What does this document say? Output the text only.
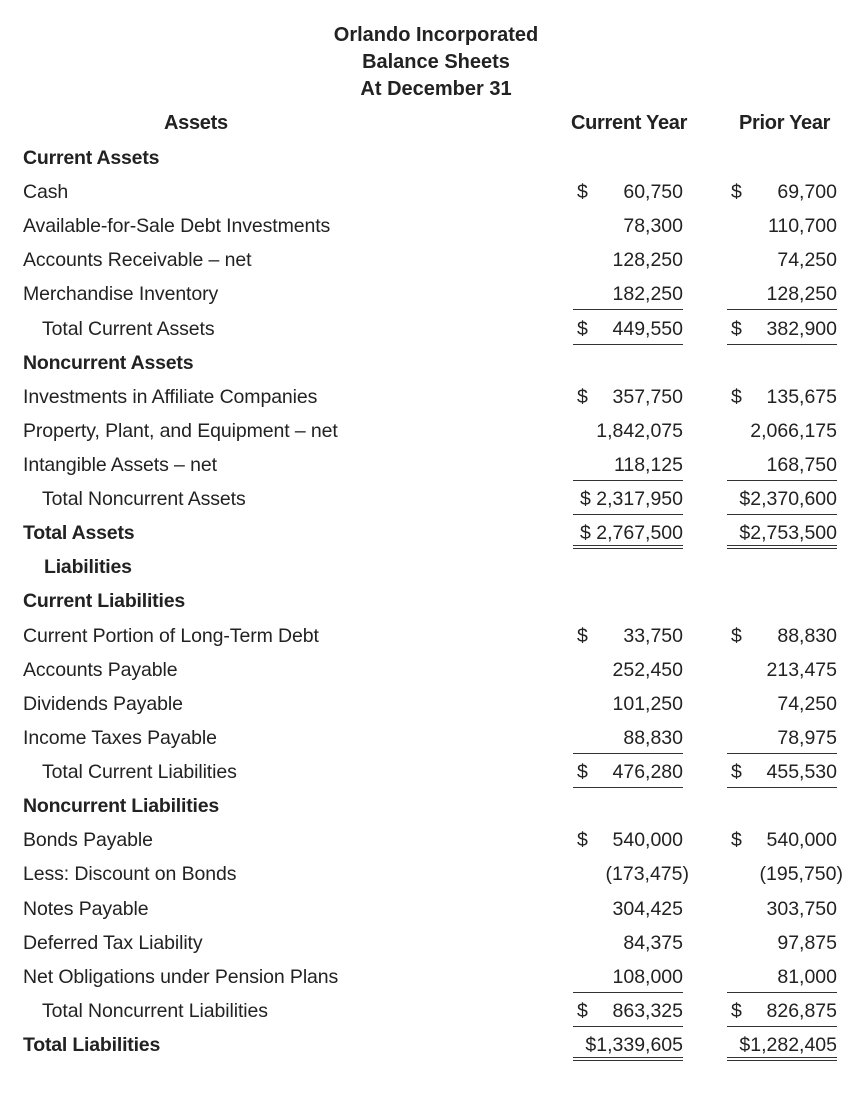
Orlando Incorporated
Balance Sheets
At December 31
Assets	Current Year	Prior Year
Current Assets
Cash	$ 60,750 $ 69,700
Available-for-Sale Debt Investments	78,300	110,700
Accounts Receivable – net	128,250	74,250
Merchandise Inventory	182,250	128,250
Total Current Assets	$ 449,550 $ 382,900
Noncurrent Assets
Investments in Affiliate Companies	$ 357,750 $ 135,675
Property, Plant, and Equipment – net	1,842,075	2,066,175
Intangible Assets – net	118,125	168,750
Total Noncurrent Assets	$ 2,317,950	$2,370,600
Total Assets	$ 2,767,500	$2,753,500
Liabilities
Current Liabilities
Current Portion of Long-Term Debt	$ 33,750 $ 88,830
Accounts Payable	252,450	213,475
Dividends Payable	101,250	74,250
Income Taxes Payable	88,830	78,975
Total Current Liabilities	$ 476,280 $ 455,530
Noncurrent Liabilities
Bonds Payable	$ 540,000 $ 540,000
Less: Discount on Bonds	(173,475)	(195,750)
Notes Payable	304,425	303,750
Deferred Tax Liability	84,375	97,875
Net Obligations under Pension Plans	108,000	81,000
Total Noncurrent Liabilities	$ 863,325 $ 826,875
Total Liabilities	$1,339,605	$1,282,405
